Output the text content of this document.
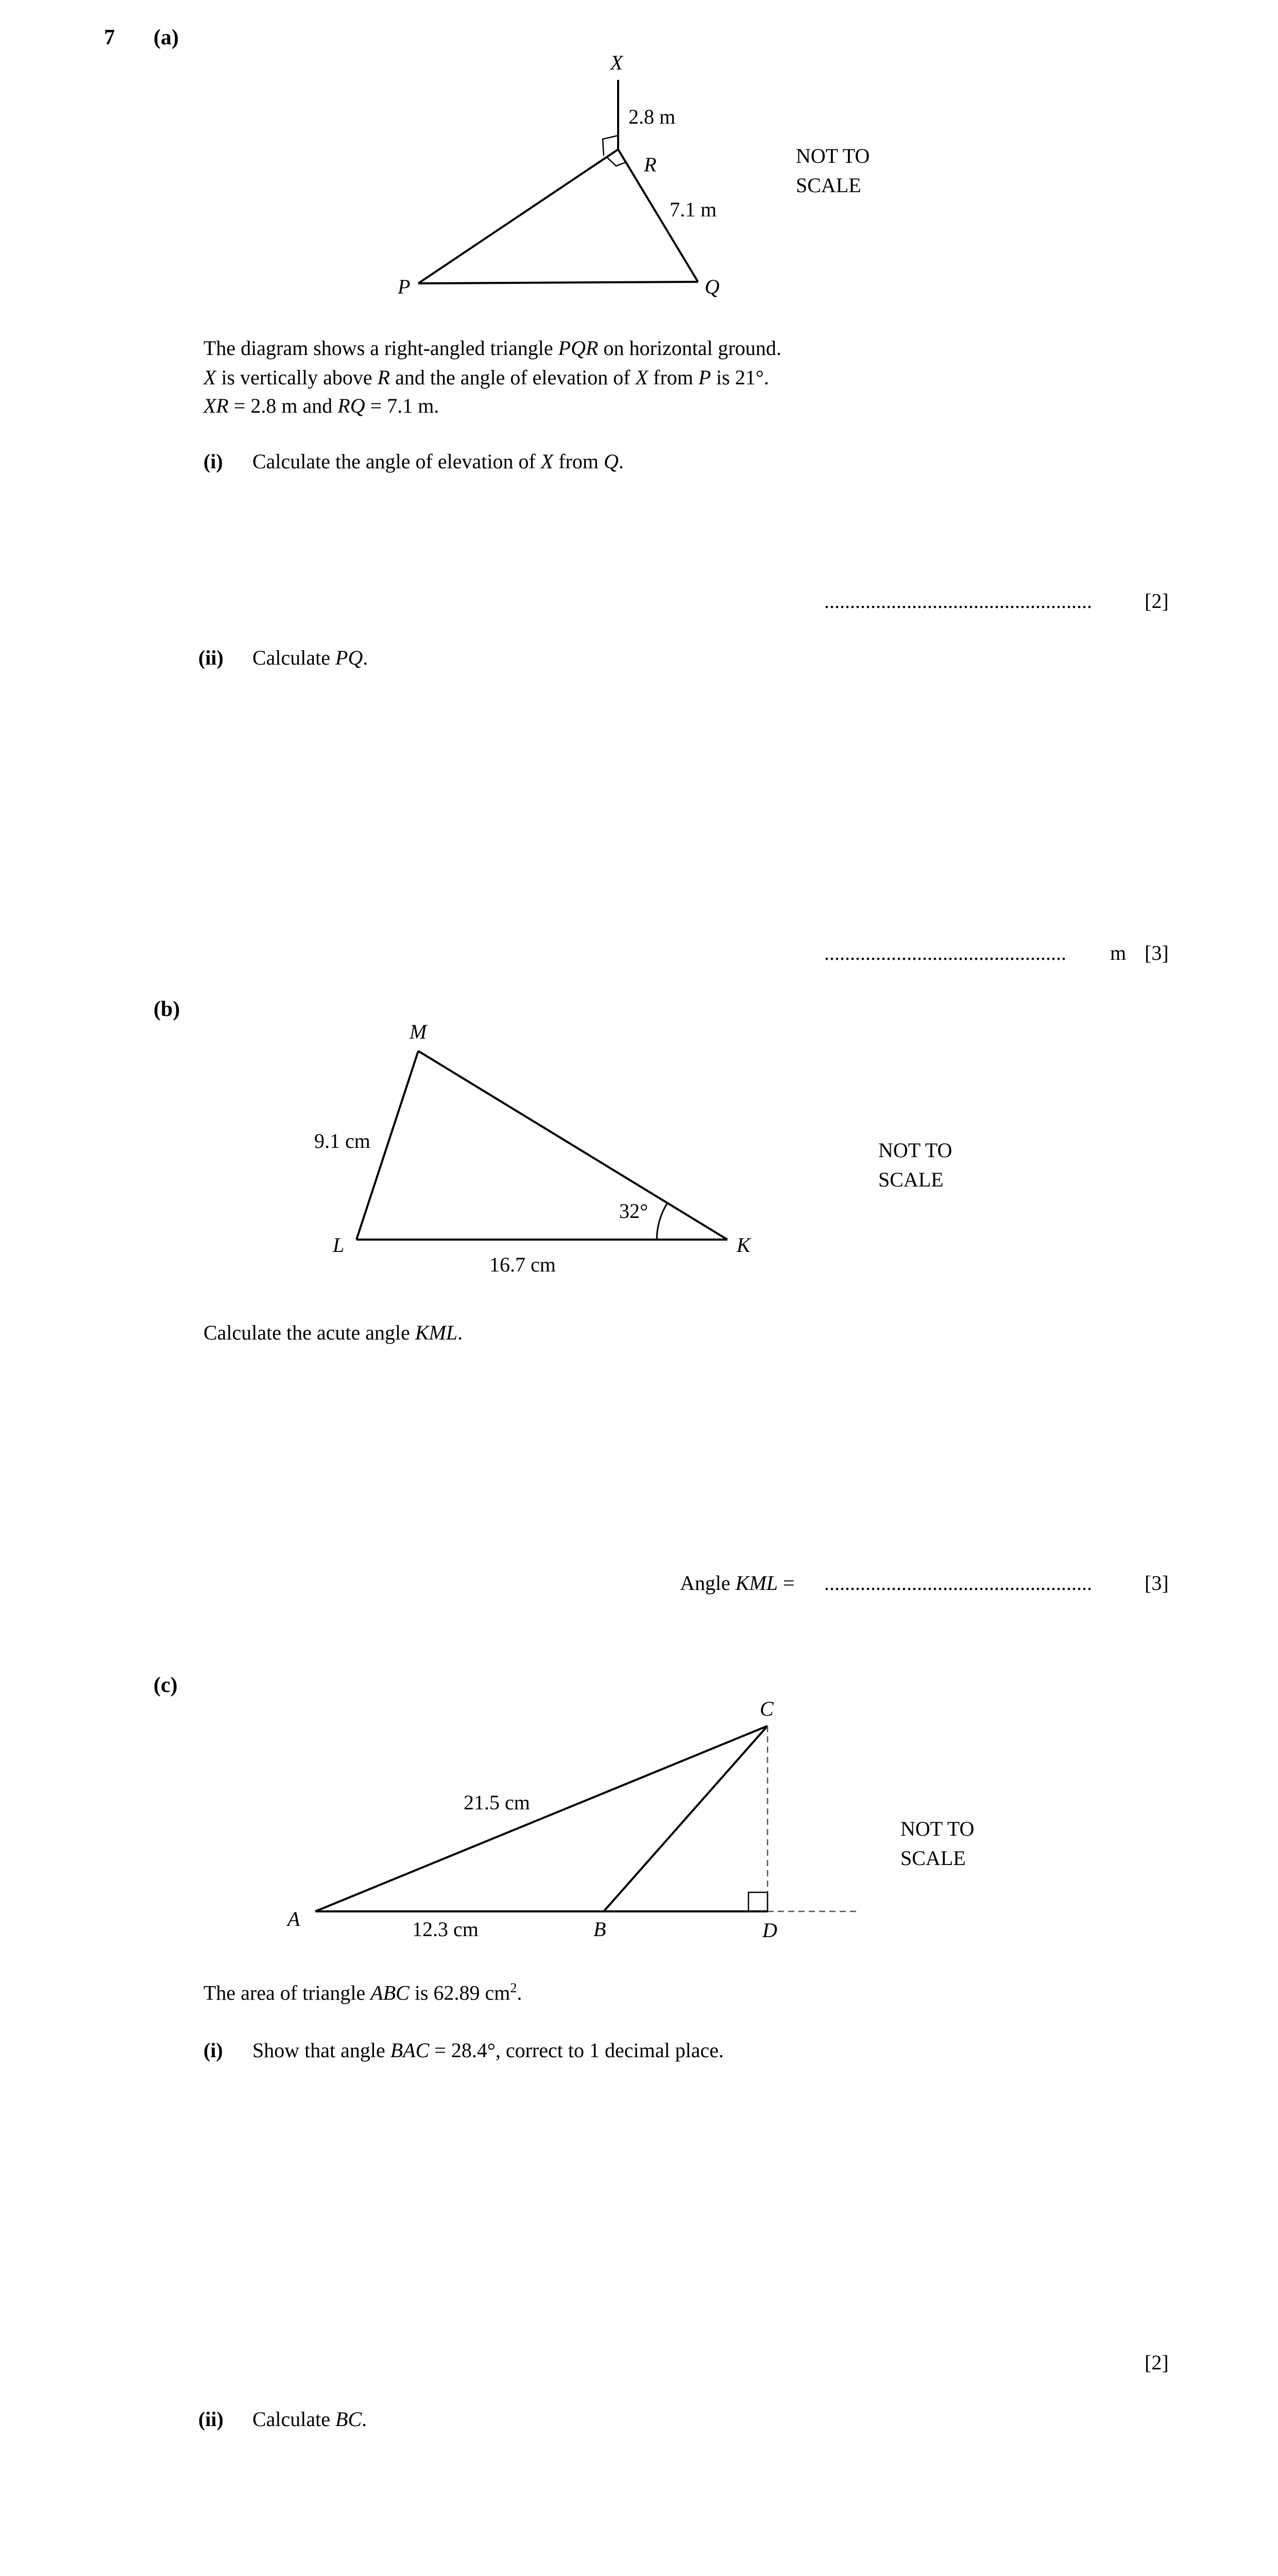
7 (a)
X
2.8 m
R
7.1 m
P	Q
NOT TO
SCALE
The diagram shows a right-angled triangle PQR on horizontal ground.
X is vertically above R and the angle of elevation of X from P is 21°.
XR = 2.8 m and RQ = 7.1 m.
(i) Calculate the angle of elevation of X from Q.
....................................................	[2]
(ii) Calculate PQ.
............................................... m [3]
(b)
M
9.1 cm
L	K
32°
16.7 cm
NOT TO
SCALE
Calculate the acute angle KML.
Angle KML = ....................................................	[3]
(c)
C
21.5 cm
A	12.3 cm	B	D
NOT TO
SCALE
The area of triangle ABC is 62.89 $cm^2$.
(i) Show that angle BAC = 28.4°, correct to 1 decimal place.
[2]
(ii) Calculate BC.
